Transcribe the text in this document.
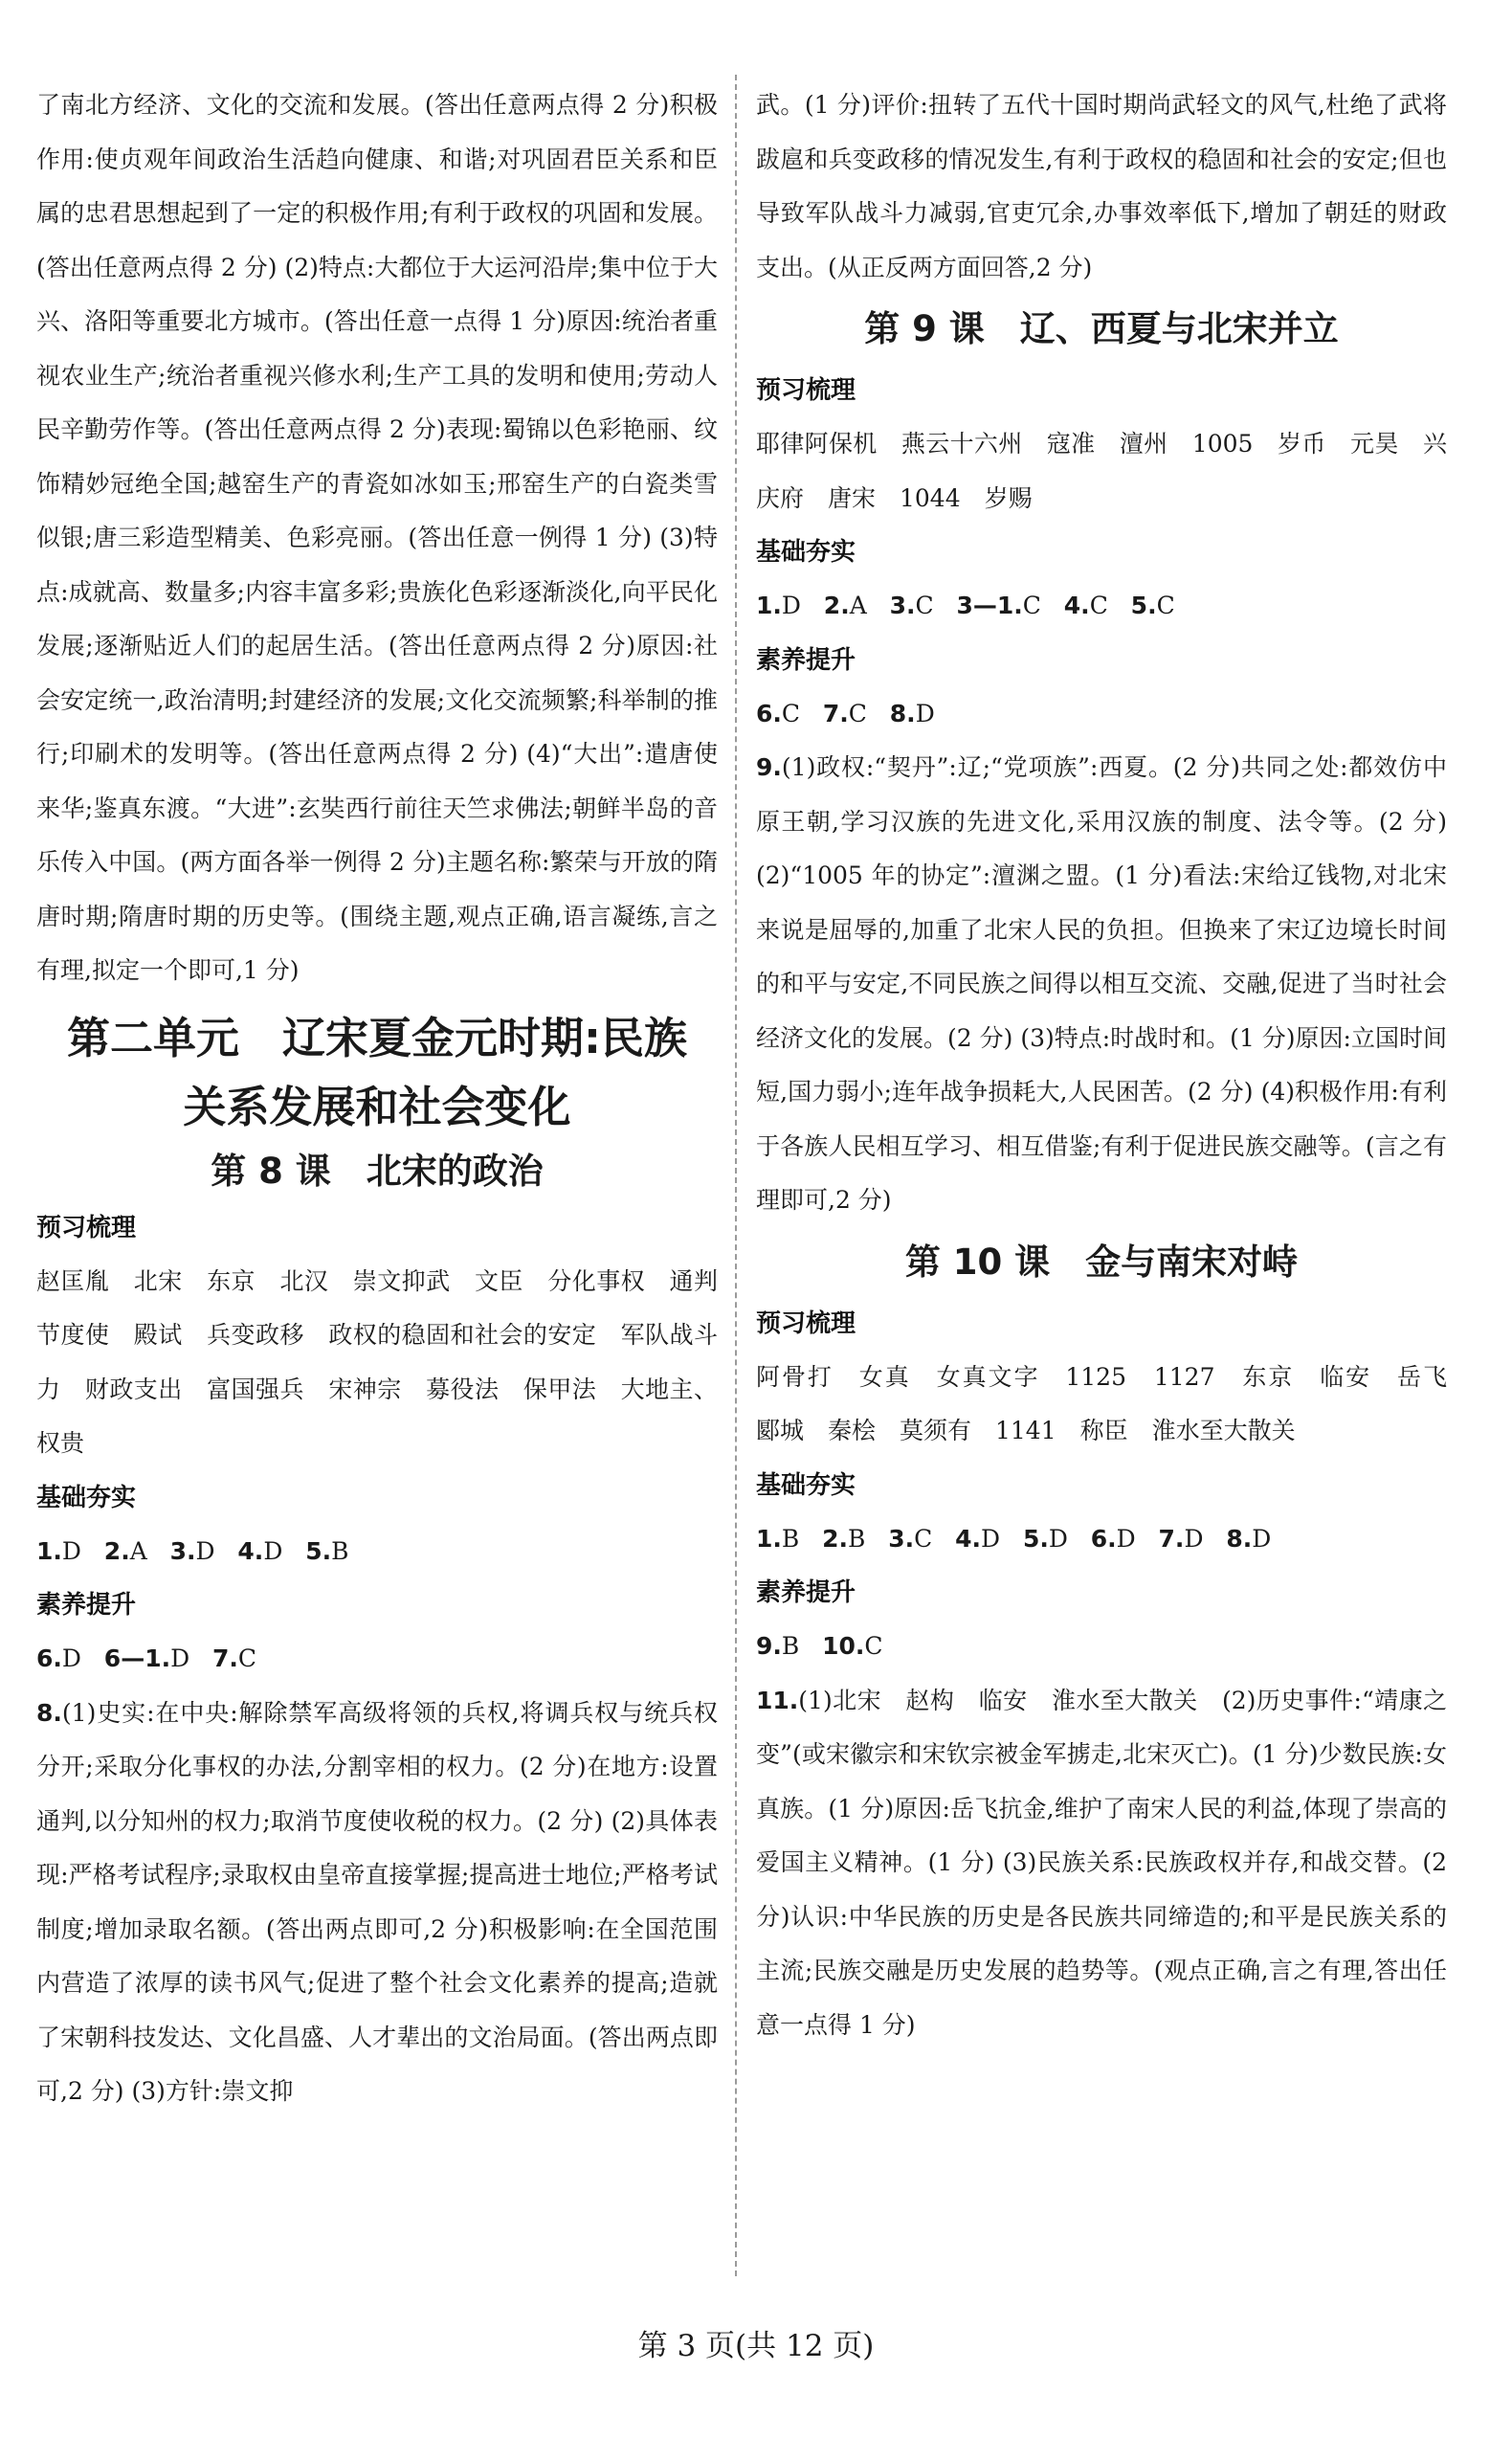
了南北方经济、文化的交流和发展。(答出任意两点得 2 分)积极作用:使贞观年间政治生活趋向健康、和谐;对巩固君臣关系和臣属的忠君思想起到了一定的积极作用;有利于政权的巩固和发展。(答出任意两点得 2 分) (2)特点:大都位于大运河沿岸;集中位于大兴、洛阳等重要北方城市。(答出任意一点得 1 分)原因:统治者重视农业生产;统治者重视兴修水利;生产工具的发明和使用;劳动人民辛勤劳作等。(答出任意两点得 2 分)表现:蜀锦以色彩艳丽、纹饰精妙冠绝全国;越窑生产的青瓷如冰如玉;邢窑生产的白瓷类雪似银;唐三彩造型精美、色彩亮丽。(答出任意一例得 1 分) (3)特点:成就高、数量多;内容丰富多彩;贵族化色彩逐渐淡化,向平民化发展;逐渐贴近人们的起居生活。(答出任意两点得 2 分)原因:社会安定统一,政治清明;封建经济的发展;文化交流频繁;科举制的推行;印刷术的发明等。(答出任意两点得 2 分) (4)“大出”:遣唐使来华;鉴真东渡。“大进”:玄奘西行前往天竺求佛法;朝鲜半岛的音乐传入中国。(两方面各举一例得 2 分)主题名称:繁荣与开放的隋唐时期;隋唐时期的历史等。(围绕主题,观点正确,语言凝练,言之有理,拟定一个即可,1 分)

第二单元　辽宋夏金元时期:民族

关系发展和社会变化

第 8 课　北宋的政治

预习梳理

赵匡胤　北宋　东京　北汉　崇文抑武　文臣　分化事权　通判　节度使　殿试　兵变政移　政权的稳固和社会的安定　军队战斗力　财政支出　富国强兵　宋神宗　募役法　保甲法　大地主、权贵

基础夯实

1.D 2.A 3.D 4.D 5.B

素养提升

6.D 6—1.D 7.C

8.(1)史实:在中央:解除禁军高级将领的兵权,将调兵权与统兵权分开;采取分化事权的办法,分割宰相的权力。(2 分)在地方:设置通判,以分知州的权力;取消节度使收税的权力。(2 分) (2)具体表现:严格考试程序;录取权由皇帝直接掌握;提高进士地位;严格考试制度;增加录取名额。(答出两点即可,2 分)积极影响:在全国范围内营造了浓厚的读书风气;促进了整个社会文化素养的提高;造就了宋朝科技发达、文化昌盛、人才辈出的文治局面。(答出两点即可,2 分) (3)方针:崇文抑

武。(1 分)评价:扭转了五代十国时期尚武轻文的风气,杜绝了武将跋扈和兵变政移的情况发生,有利于政权的稳固和社会的安定;但也导致军队战斗力减弱,官吏冗余,办事效率低下,增加了朝廷的财政支出。(从正反两方面回答,2 分)

第 9 课　辽、西夏与北宋并立

预习梳理

耶律阿保机　燕云十六州　寇准　澶州　1005　岁币　元昊　兴庆府　唐宋　1044　岁赐

基础夯实

1.D 2.A 3.C 3—1.C 4.C 5.C

素养提升

6.C 7.C 8.D

9.(1)政权:“契丹”:辽;“党项族”:西夏。(2 分)共同之处:都效仿中原王朝,学习汉族的先进文化,采用汉族的制度、法令等。(2 分) (2)“1005 年的协定”:澶渊之盟。(1 分)看法:宋给辽钱物,对北宋来说是屈辱的,加重了北宋人民的负担。但换来了宋辽边境长时间的和平与安定,不同民族之间得以相互交流、交融,促进了当时社会经济文化的发展。(2 分) (3)特点:时战时和。(1 分)原因:立国时间短,国力弱小;连年战争损耗大,人民困苦。(2 分) (4)积极作用:有利于各族人民相互学习、相互借鉴;有利于促进民族交融等。(言之有理即可,2 分)

第 10 课　金与南宋对峙

预习梳理

阿骨打　女真　女真文字　1125　1127　东京　临安　岳飞　郾城　秦桧　莫须有　1141　称臣　淮水至大散关

基础夯实

1.B 2.B 3.C 4.D 5.D 6.D 7.D 8.D

素养提升

9.B 10.C

11.(1)北宋　赵构　临安　淮水至大散关　(2)历史事件:“靖康之变”(或宋徽宗和宋钦宗被金军掳走,北宋灭亡)。(1 分)少数民族:女真族。(1 分)原因:岳飞抗金,维护了南宋人民的利益,体现了崇高的爱国主义精神。(1 分) (3)民族关系:民族政权并存,和战交替。(2 分)认识:中华民族的历史是各民族共同缔造的;和平是民族关系的主流;民族交融是历史发展的趋势等。(观点正确,言之有理,答出任意一点得 1 分)

第 3 页(共 12 页)
